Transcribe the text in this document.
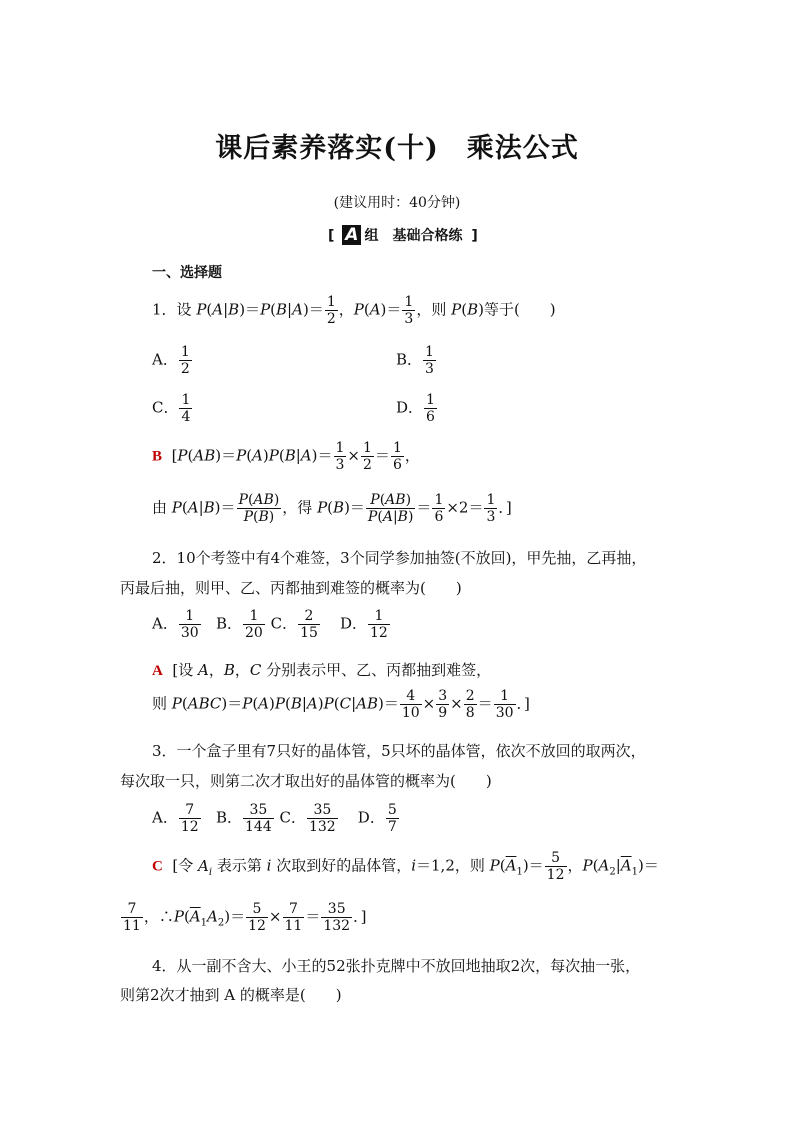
课后素养落实(十)　乘法公式
(建议用时：40分钟)
[ A 组　基础合格练 ]
一、选择题
1．设 $P(A|B)=P(B|A)= \frac{1}{2}$ ，$P(A)= \frac{1}{3}$ ，则 P(B)等于(　　)
A． $\frac{1}{2}$	B． $\frac{1}{3}$
C． $\frac{1}{4}$	D． $\frac{1}{6}$
B  [$P(AB)=P(A)P(B|A)= \frac{1}{3} \times \frac{1}{2} = \frac{1}{6}$ ，
由 $P(A|B)= \frac{P(AB)}{P(B)}$ ，得 $P(B)= \frac{P(AB)}{P(A|B)} = \frac{1}{6} \times 2= \frac{1}{3}$ ．]
2．10个考签中有4个难签，3个同学参加抽签(不放回)，甲先抽，乙再抽，
丙最后抽，则甲、乙、丙都抽到难签的概率为(　　)
A． $\frac{1}{30}$ B． $\frac{1}{20}$ C． $\frac{2}{15}$ D． $\frac{1}{12}$
A  [设 A，B，C 分别表示甲、乙、丙都抽到难签，
则 $P(ABC)=P(A)P(B|A)P(C|AB)= \frac{4}{10} \times \frac{3}{9} \times \frac{2}{8} = \frac{1}{30}$ ．]
3．一个盒子里有7只好的晶体管，5只坏的晶体管，依次不放回的取两次，
每次取一只，则第二次才取出好的晶体管的概率为(　　)
A． $\frac{7}{12}$ B． $\frac{35}{144}$ C． $\frac{35}{132}$ D． $\frac{5}{7}$
C  [令 $A_i$ 表示第 i 次取到好的晶体管，i＝1,2，则 $P(\overline{A}_1)= \frac{5}{12}$ ，$P(A_2|\overline{A}_1)=$
$\frac{7}{11}$ ，$\therefore P(\overline{A}_1A_2)= \frac{5}{12} \times \frac{7}{11} = \frac{35}{132}$ ．]
4．从一副不含大、小王的52张扑克牌中不放回地抽取2次，每次抽一张，
则第2次才抽到 A 的概率是(　　)
